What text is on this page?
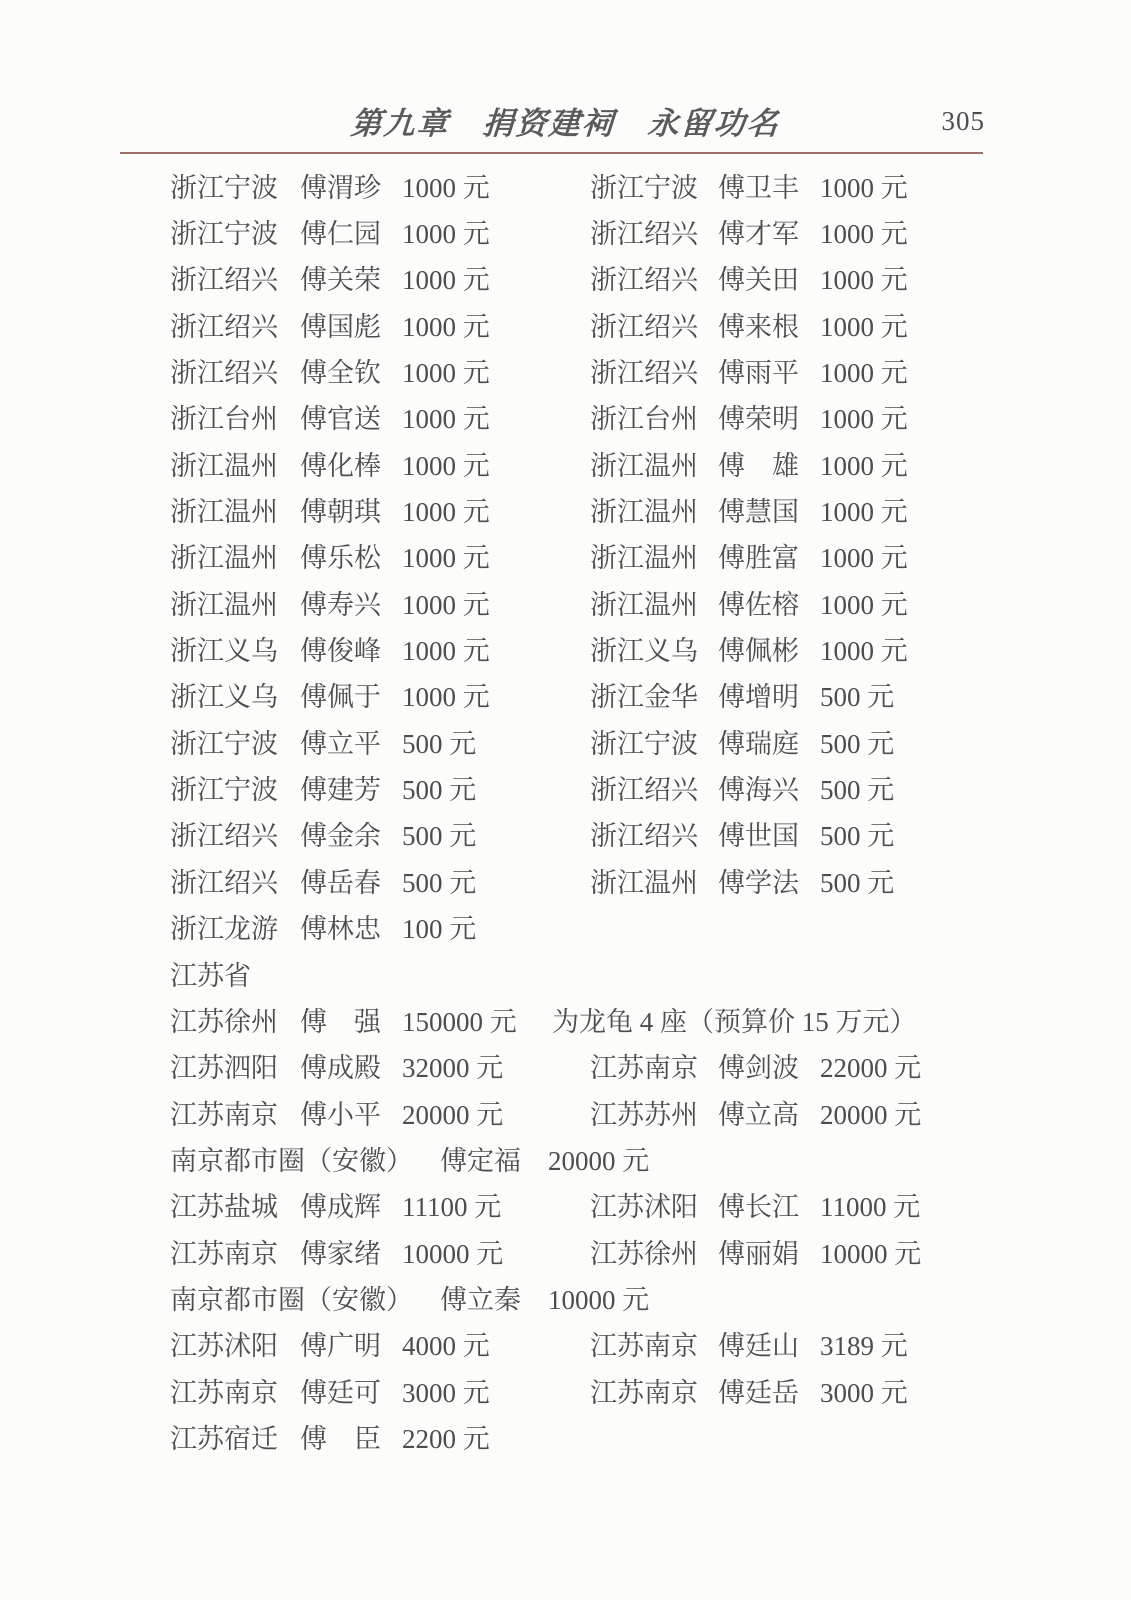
第九章　捐资建祠　永留功名	305
浙江宁波 傅渭珍 1000 元	浙江宁波 傅卫丰 1000 元
浙江宁波 傅仁园 1000 元	浙江绍兴 傅才军 1000 元
浙江绍兴 傅关荣 1000 元	浙江绍兴 傅关田 1000 元
浙江绍兴 傅国彪 1000 元	浙江绍兴 傅来根 1000 元
浙江绍兴 傅全钦 1000 元	浙江绍兴 傅雨平 1000 元
浙江台州 傅官送 1000 元	浙江台州 傅荣明 1000 元
浙江温州 傅化棒 1000 元	浙江温州 傅　雄 1000 元
浙江温州 傅朝琪 1000 元	浙江温州 傅慧国 1000 元
浙江温州 傅乐松 1000 元	浙江温州 傅胜富 1000 元
浙江温州 傅寿兴 1000 元	浙江温州 傅佐榕 1000 元
浙江义乌 傅俊峰 1000 元	浙江义乌 傅佩彬 1000 元
浙江义乌 傅佩于 1000 元	浙江金华 傅增明 500 元
浙江宁波 傅立平 500 元	浙江宁波 傅瑞庭 500 元
浙江宁波 傅建芳 500 元	浙江绍兴 傅海兴 500 元
浙江绍兴 傅金余 500 元	浙江绍兴 傅世国 500 元
浙江绍兴 傅岳春 500 元	浙江温州 傅学法 500 元
浙江龙游 傅林忠 100 元
江苏省
江苏徐州 傅　强 150000 元	为龙龟 4 座（预算价 15 万元）
江苏泗阳 傅成殿 32000 元	江苏南京 傅剑波 22000 元
江苏南京 傅小平 20000 元	江苏苏州 傅立高 20000 元
南京都市圈（安徽）	傅定福	20000 元
江苏盐城 傅成辉 11100 元	江苏沭阳 傅长江 11000 元
江苏南京 傅家绪 10000 元	江苏徐州 傅丽娟 10000 元
南京都市圈（安徽）	傅立秦	10000 元
江苏沭阳 傅广明 4000 元	江苏南京 傅廷山 3189 元
江苏南京 傅廷可 3000 元	江苏南京 傅廷岳 3000 元
江苏宿迁 傅　臣 2200 元
